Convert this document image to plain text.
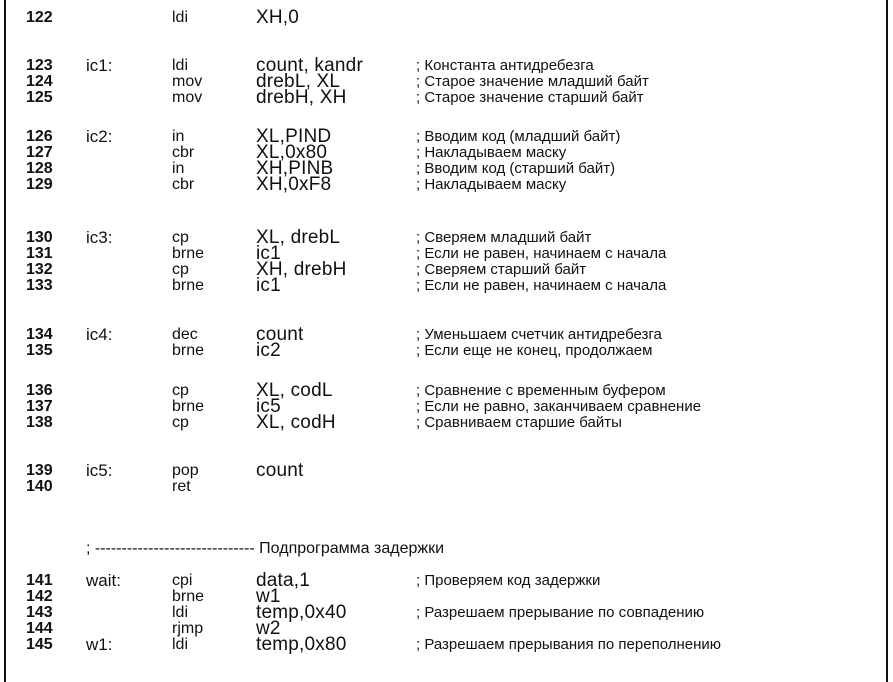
122	ldi	XH,0
123 ic1:	ldi	count, kandr	; Константа антидребезга
124	mov	drebL, XL	; Старое значение младший байт
125	mov	drebH, XH	; Старое значение старший байт
126 ic2:	in	XL,PIND	; Вводим код (младший байт)
127	cbr	XL,0x80	; Накладываем маску
128	in	XH,PINB	; Вводим код (старший байт)
129	cbr	XH,0xF8	; Накладываем маску
130 ic3:	cp	XL, drebL	; Сверяем младший байт
131	brne	ic1	; Если не равен, начинаем с начала
132	cp	XH, drebH	; Сверяем старший байт
133	brne	ic1	; Если не равен, начинаем с начала
134 ic4:	dec	count	; Уменьшаем счетчик антидребезга
135	brne	ic2	; Если еще не конец, продолжаем
136	cp	XL, codL	; Сравнение с временным буфером
137	brne	ic5	; Если не равно, заканчиваем сравнение
138	cp	XL, codH	; Сравниваем старшие байты
139 ic5:	pop	count
140	ret
141 wait:	cpi	data,1	; Проверяем код задержки
142	brne	w1
143	ldi	temp,0x40	; Разрешаем прерывание по совпадению
144	rjmp	w2
145 w1:	ldi	temp,0x80	; Разрешаем прерывания по переполнению
; ------------------------------ Подпрограмма задержки
